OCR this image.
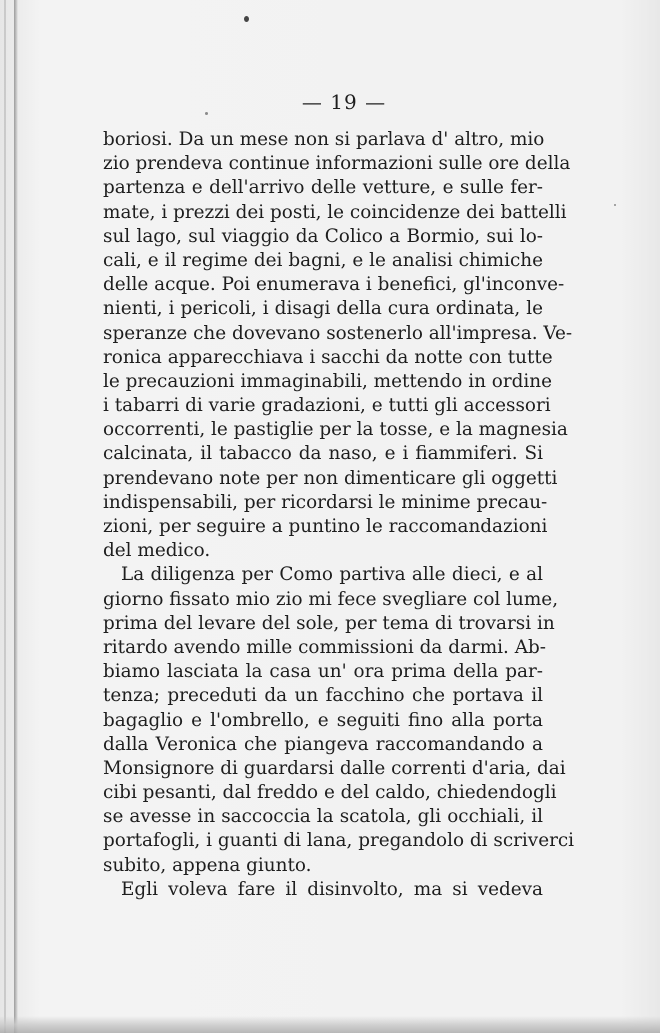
— 19 —
boriosi. Da un mese non si parlava d' altro, mio
zio prendeva continue informazioni sulle ore della
partenza e dell'arrivo delle vetture, e sulle fer-
mate, i prezzi dei posti, le coincidenze dei battelli
sul lago, sul viaggio da Colico a Bormio, sui lo-
cali, e il regime dei bagni, e le analisi chimiche
delle acque. Poi enumerava i benefici, gl'inconve-
nienti, i pericoli, i disagi della cura ordinata, le
speranze che dovevano sostenerlo all'impresa. Ve-
ronica apparecchiava i sacchi da notte con tutte
le precauzioni immaginabili, mettendo in ordine
i tabarri di varie gradazioni, e tutti gli accessori
occorrenti, le pastiglie per la tosse, e la magnesia
calcinata, il tabacco da naso, e i fiammiferi. Si
prendevano note per non dimenticare gli oggetti
indispensabili, per ricordarsi le minime precau-
zioni, per seguire a puntino le raccomandazioni
del medico.
La diligenza per Como partiva alle dieci, e al
giorno fissato mio zio mi fece svegliare col lume,
prima del levare del sole, per tema di trovarsi in
ritardo avendo mille commissioni da darmi. Ab-
biamo lasciata la casa un' ora prima della par-
tenza; preceduti da un facchino che portava il
bagaglio e l'ombrello, e seguiti fino alla porta
dalla Veronica che piangeva raccomandando a
Monsignore di guardarsi dalle correnti d'aria, dai
cibi pesanti, dal freddo e del caldo, chiedendogli
se avesse in saccoccia la scatola, gli occhiali, il
portafogli, i guanti di lana, pregandolo di scriverci
subito, appena giunto.
Egli voleva fare il disinvolto, ma si vedeva
